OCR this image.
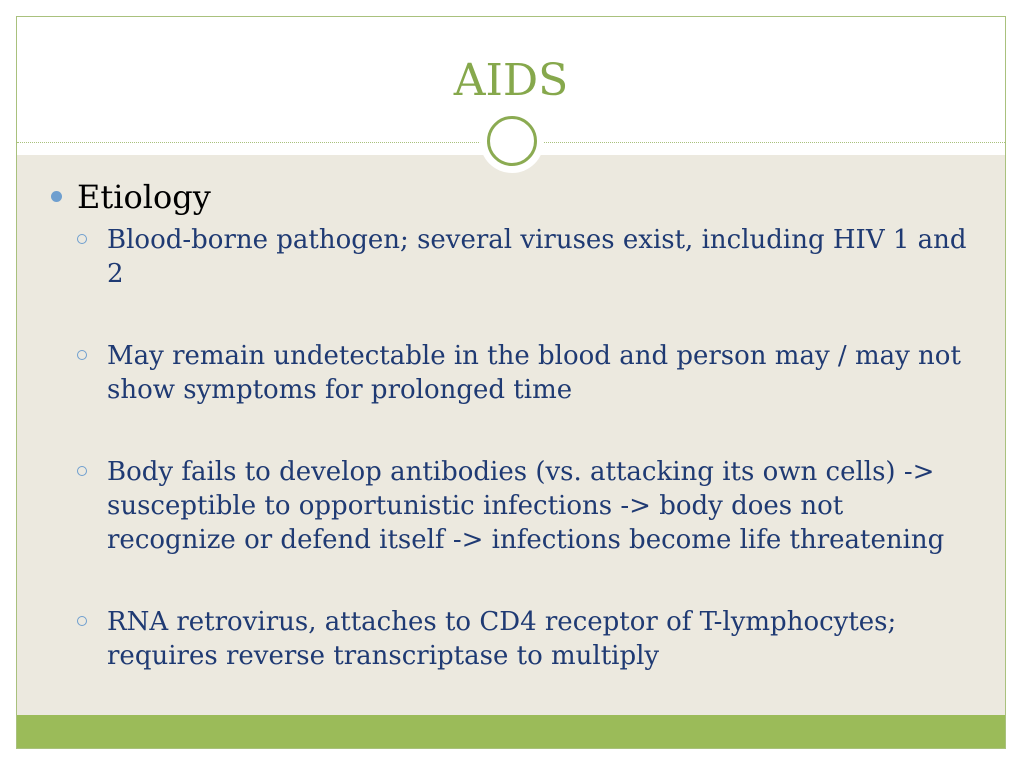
AIDS
Etiology
Blood-borne pathogen; several viruses exist, including HIV 1 and 2
May remain undetectable in the blood and person may / may not show symptoms for prolonged time
Body fails to develop antibodies (vs. attacking its own cells) -> susceptible to opportunistic infections -> body does not recognize or defend itself -> infections become life threatening
RNA retrovirus, attaches to CD4 receptor of T-lymphocytes; requires reverse transcriptase to multiply
